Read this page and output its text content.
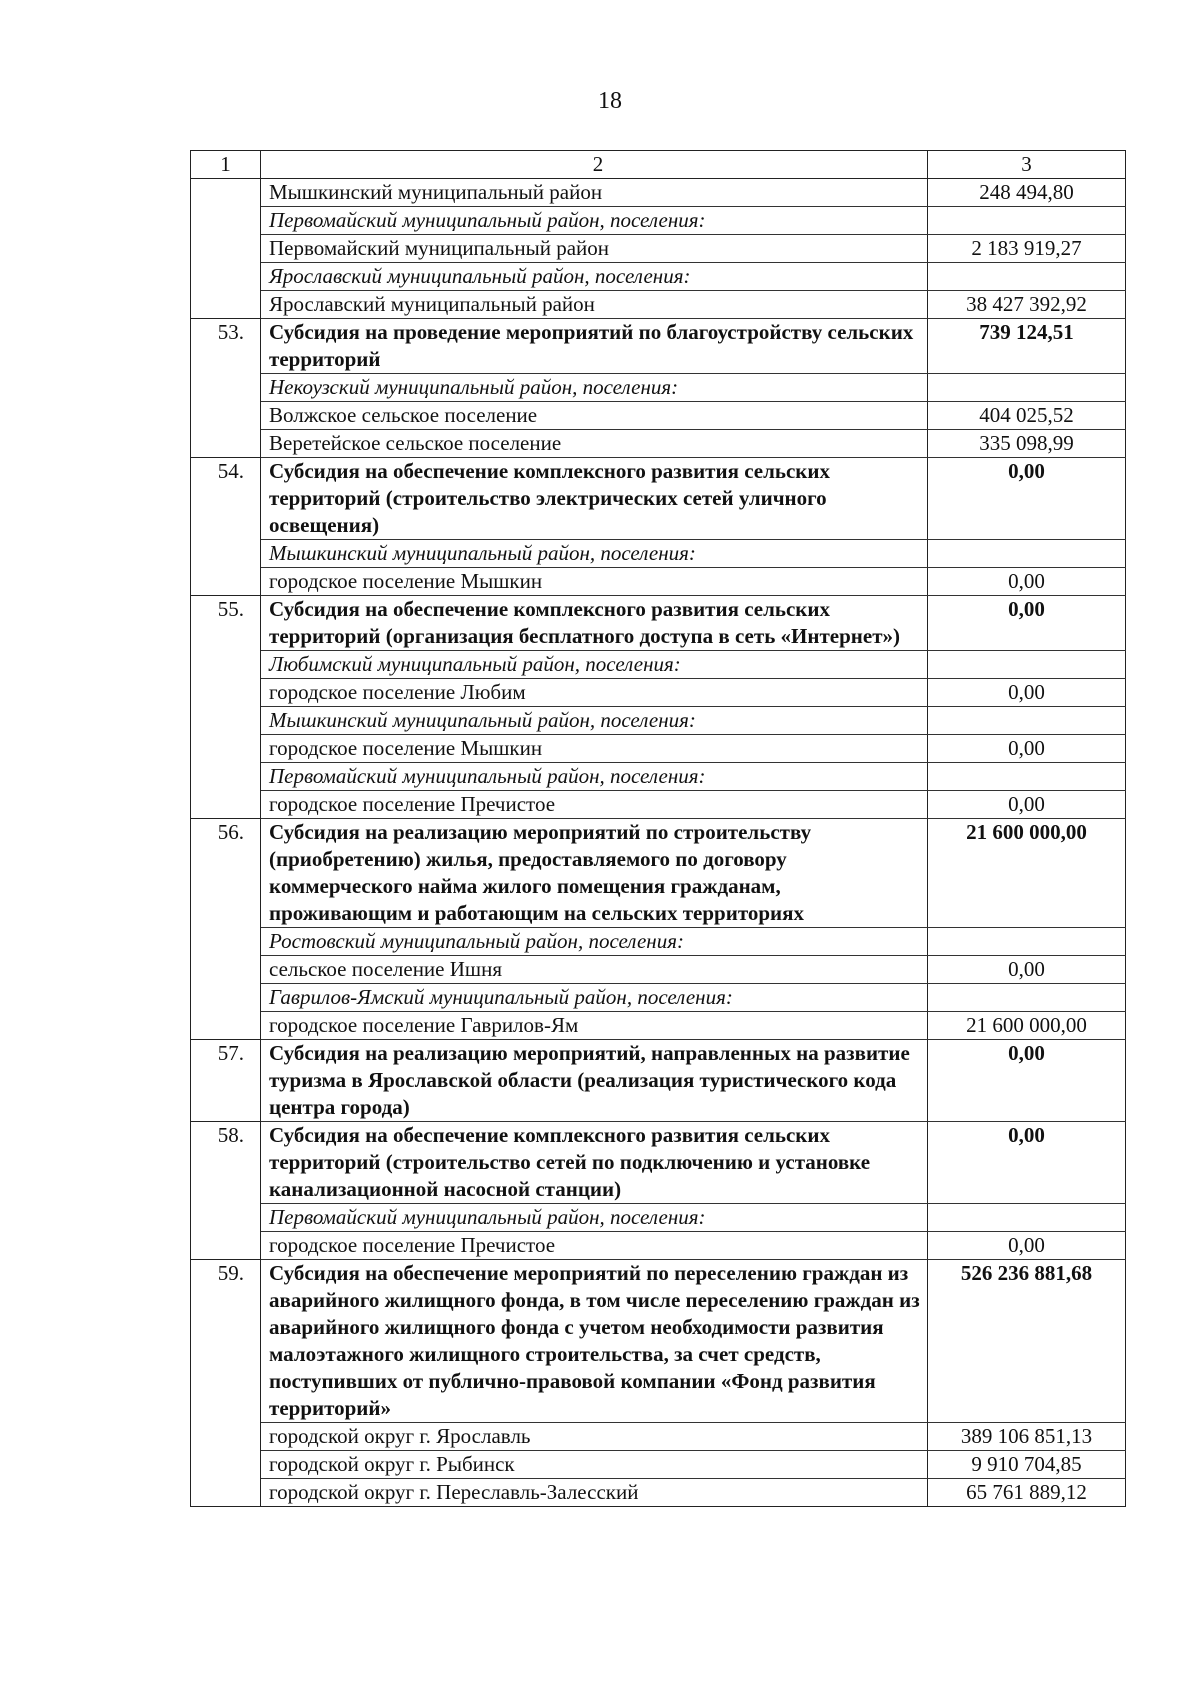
18
1	2	3
	Мышкинский муниципальный район	248 494,80
	Первомайский муниципальный район, поселения:	
	Первомайский муниципальный район	2 183 919,27
	Ярославский муниципальный район, поселения:	
	Ярославский муниципальный район	38 427 392,92
53.	Субсидия на проведение мероприятий по благоустройству сельских территорий	739 124,51
	Некоузский муниципальный район, поселения:	
	Волжское сельское поселение	404 025,52
	Веретейское сельское поселение	335 098,99
54.	Субсидия на обеспечение комплексного развития сельских территорий (строительство электрических сетей уличного освещения)	0,00
	Мышкинский муниципальный район, поселения:	
	городское поселение Мышкин	0,00
55.	Субсидия на обеспечение комплексного развития сельских территорий (организация бесплатного доступа в сеть «Интернет»)	0,00
	Любимский муниципальный район, поселения:	
	городское поселение Любим	0,00
	Мышкинский муниципальный район, поселения:	
	городское поселение Мышкин	0,00
	Первомайский муниципальный район, поселения:	
	городское поселение Пречистое	0,00
56.	Субсидия на реализацию мероприятий по строительству (приобретению) жилья, предоставляемого по договору коммерческого найма жилого помещения гражданам, проживающим и работающим на сельских территориях	21 600 000,00
	Ростовский муниципальный район, поселения:	
	сельское поселение Ишня	0,00
	Гаврилов-Ямский муниципальный район, поселения:	
	городское поселение Гаврилов-Ям	21 600 000,00
57.	Субсидия на реализацию мероприятий, направленных на развитие туризма в Ярославской области (реализация туристического кода центра города)	0,00
58.	Субсидия на обеспечение комплексного развития сельских территорий (строительство сетей по подключению и установке канализационной насосной станции)	0,00
	Первомайский муниципальный район, поселения:	
	городское поселение Пречистое	0,00
59.	Субсидия на обеспечение мероприятий по переселению граждан из аварийного жилищного фонда, в том числе переселению граждан из аварийного жилищного фонда с учетом необходимости развития малоэтажного жилищного строительства, за счет средств, поступивших от публично-правовой компании «Фонд развития территорий»	526 236 881,68
	городской округ г. Ярославль	389 106 851,13
	городской округ г. Рыбинск	9 910 704,85
	городской округ г. Переславль-Залесский	65 761 889,12
